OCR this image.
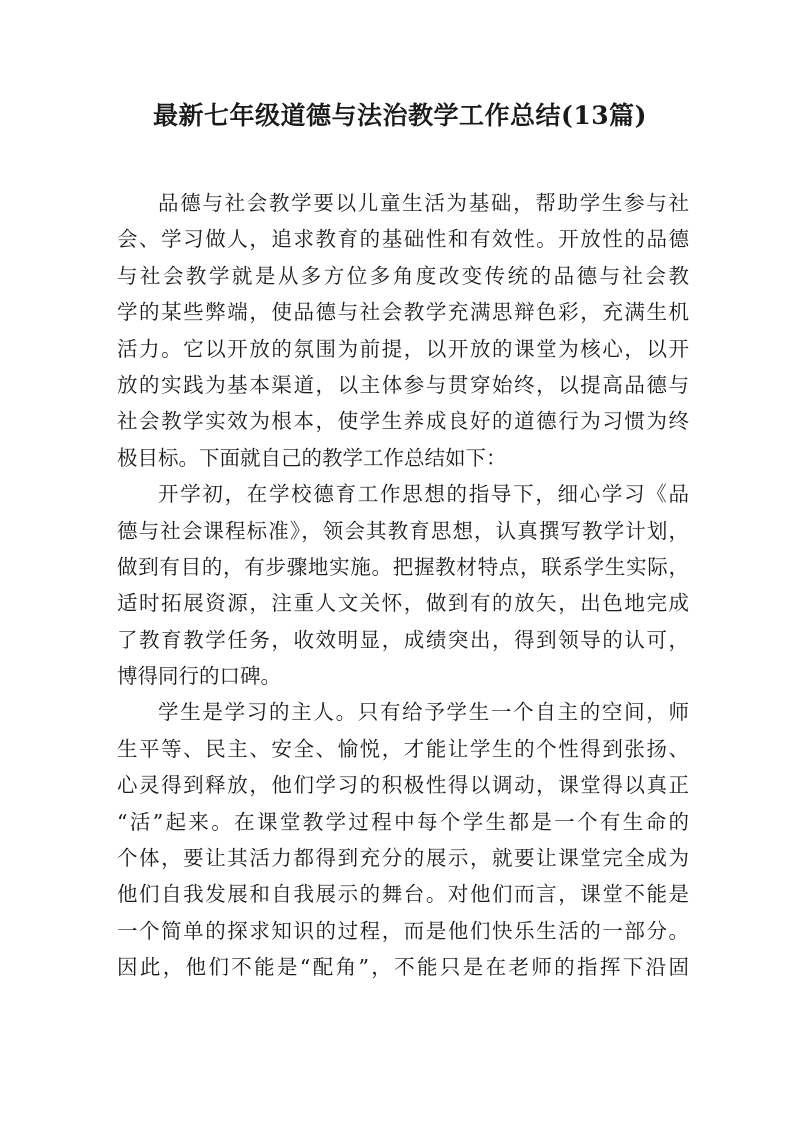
最新七年级道德与法治教学工作总结(13篇)
品德与社会教学要以儿童生活为基础，帮助学生参与社
会、学习做人，追求教育的基础性和有效性。开放性的品德
与社会教学就是从多方位多角度改变传统的品德与社会教
学的某些弊端，使品德与社会教学充满思辩色彩，充满生机
活力。它以开放的氛围为前提，以开放的课堂为核心，以开
放的实践为基本渠道，以主体参与贯穿始终，以提高品德与
社会教学实效为根本，使学生养成良好的道德行为习惯为终
极目标。下面就自己的教学工作总结如下：
开学初，在学校德育工作思想的指导下，细心学习《品
德与社会课程标准》，领会其教育思想，认真撰写教学计划，
做到有目的，有步骤地实施。把握教材特点，联系学生实际，
适时拓展资源，注重人文关怀，做到有的放矢，出色地完成
了教育教学任务，收效明显，成绩突出，得到领导的认可，
博得同行的口碑。
学生是学习的主人。只有给予学生一个自主的空间，师
生平等、民主、安全、愉悦，才能让学生的个性得到张扬、
心灵得到释放，他们学习的积极性得以调动，课堂得以真正
“活”起来。在课堂教学过程中每个学生都是一个有生命的
个体，要让其活力都得到充分的展示，就要让课堂完全成为
他们自我发展和自我展示的舞台。对他们而言，课堂不能是
一个简单的探求知识的过程，而是他们快乐生活的一部分。
因此，他们不能是“配角”，不能只是在老师的指挥下沿固
